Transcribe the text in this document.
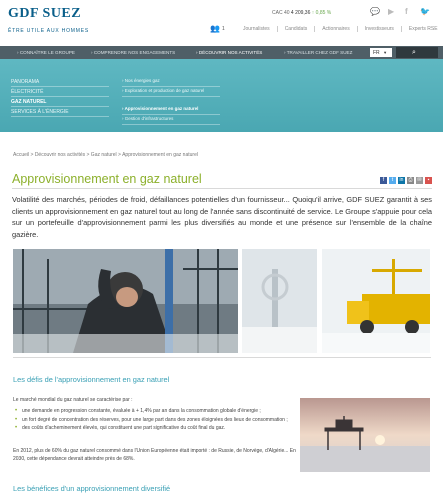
GDF SUEZ
ÊTRE UTILE AUX HOMMES
CAC 40 4 209,36 ↑ 0,85 %	💬 ▶ f 🐦
👥 1	Journalistes	Candidats	Actionnaires	Investisseurs	Experts RSE
› CONNAÎTRE LE GROUPE	› COMPRENDRE NOS ENGAGEMENTS	› DÉCOUVRIR NOS ACTIVITÉS	› TRAVAILLER CHEZ GDF SUEZ	FR ▼	⌕
PANORAMA
ÉLECTRICITÉ
GAZ NATUREL
SERVICES À L'ÉNERGIE
› Nos énergies gaz
› Exploration et production de gaz naturel
› Approvisionnement en gaz naturel
› Gestion d'infrastructures
Accueil > Découvrir nos activités > Gaz naturel > Approvisionnement en gaz naturel
Approvisionnement en gaz naturel	f	t	in	⎙ ✉	▪

Volatilité des marchés, périodes de froid, défaillances potentielles d'un fournisseur... Quoiqu'il arrive, GDF SUEZ garantit à ses clients un approvisionnement en gaz naturel tout au long de l'année sans discontinuité de service. Le Groupe s'appuie pour cela sur un portefeuille d'approvisionnement parmi les plus diversifiés au monde et une présence sur l'ensemble de la chaîne gazière.

Les défis de l'approvisionnement en gaz naturel

Le marché mondial du gaz naturel se caractérise par :

• une demande en progression constante, évaluée à + 1,4% par an dans la consommation globale d'énergie ;
• un fort degré de concentration des réserves, pour une large part dans des zones éloignées des lieux de consommation ;
• des coûts d'acheminement élevés, qui constituent une part significative du coût final du gaz.

En 2012, plus de 60% du gaz naturel consommé dans l'Union Européenne était importé : de Russie, de Norvège, d'Algérie... En 2030, cette dépendance devrait atteindre près de 68%.

Les bénéfices d'un approvisionnement diversifié
